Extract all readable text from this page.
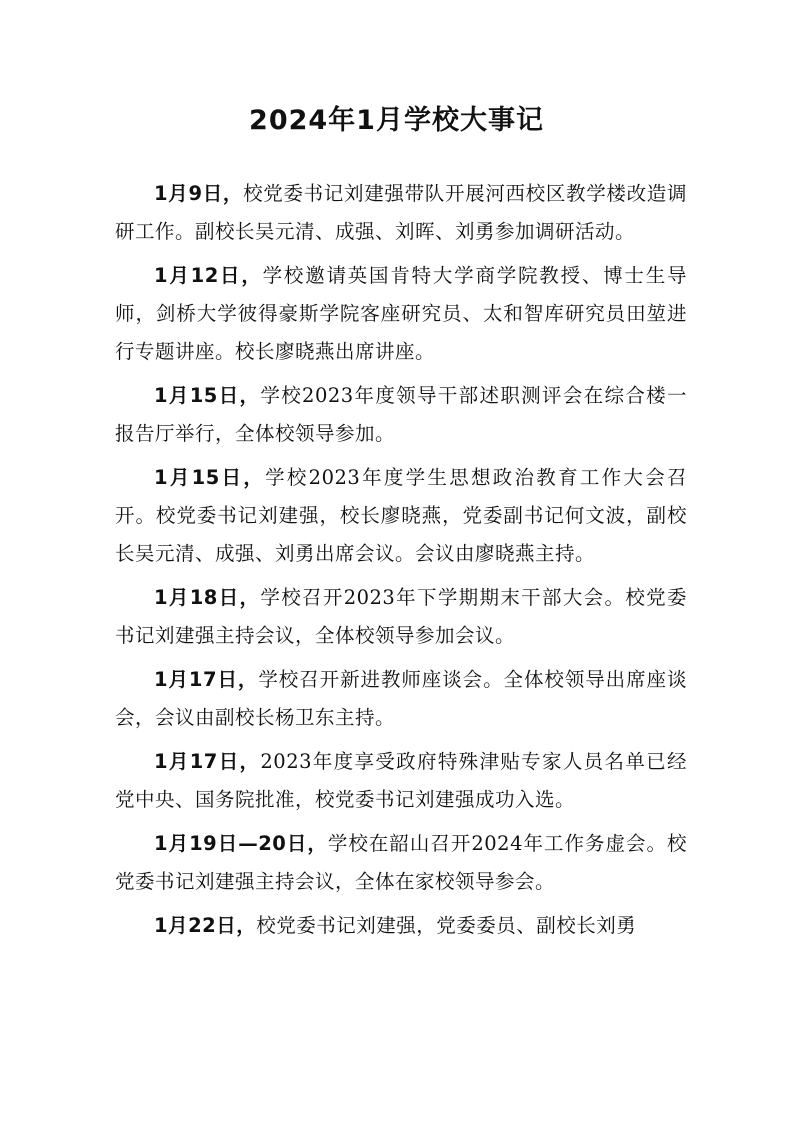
2024年1月学校大事记

1月9日，校党委书记刘建强带队开展河西校区教学楼改造调研工作。副校长吴元清、成强、刘晖、刘勇参加调研活动。

1月12日，学校邀请英国肯特大学商学院教授、博士生导师，剑桥大学彼得豪斯学院客座研究员、太和智库研究员田堃进行专题讲座。校长廖晓燕出席讲座。

1月15日，学校2023年度领导干部述职测评会在综合楼一报告厅举行，全体校领导参加。

1月15日，学校2023年度学生思想政治教育工作大会召开。校党委书记刘建强，校长廖晓燕，党委副书记何文波，副校长吴元清、成强、刘勇出席会议。会议由廖晓燕主持。

1月18日，学校召开2023年下学期期末干部大会。校党委书记刘建强主持会议，全体校领导参加会议。

1月17日，学校召开新进教师座谈会。全体校领导出席座谈会，会议由副校长杨卫东主持。

1月17日，2023年度享受政府特殊津贴专家人员名单已经党中央、国务院批准，校党委书记刘建强成功入选。

1月19日—20日，学校在韶山召开2024年工作务虚会。校党委书记刘建强主持会议，全体在家校领导参会。

1月22日，校党委书记刘建强，党委委员、副校长刘勇
